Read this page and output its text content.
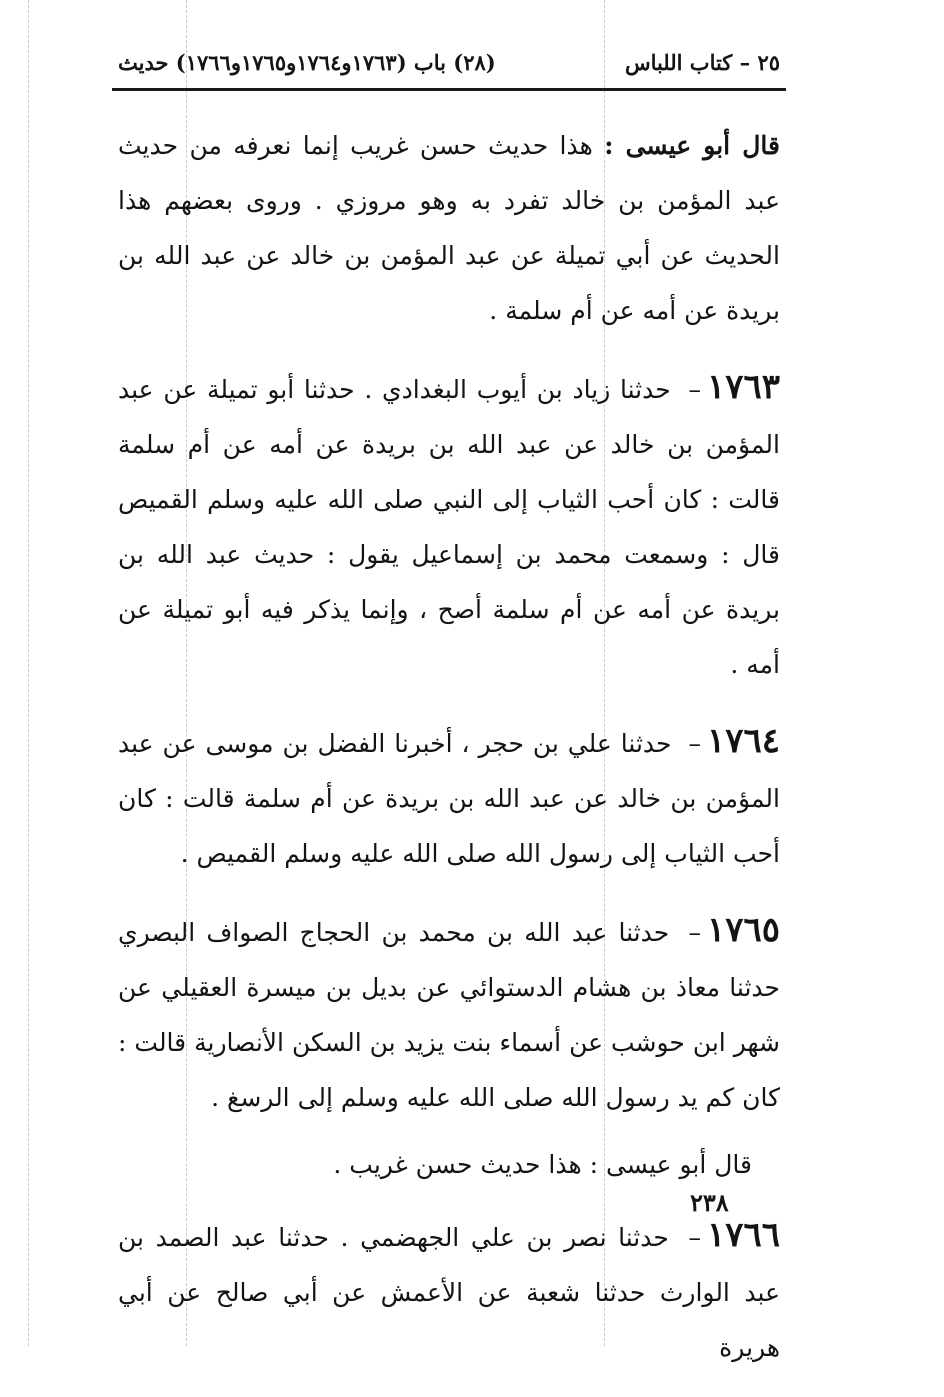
٢٥ – كتاب اللباس
(٢٨) باب (١٧٦٣و١٧٦٤و١٧٦٥و١٧٦٦) حديث

قال أبو عيسى : هذا حديث حسن غريب إنما نعرفه من حديث عبد المؤمن بن خالد تفرد به وهو مروزي . وروى بعضهم هذا الحديث عن أبي تميلة عن عبد المؤمن بن خالد عن عبد الله بن بريدة عن أمه عن أم سلمة .

١٧٦٣– حدثنا زياد بن أيوب البغدادي . حدثنا أبو تميلة عن عبد المؤمن بن خالد عن عبد الله بن بريدة عن أمه عن أم سلمة قالت : كان أحب الثياب إلى النبي صلى الله عليه وسلم القميص قال : وسمعت محمد بن إسماعيل يقول : حديث عبد الله بن بريدة عن أمه عن أم سلمة أصح ، وإنما يذكر فيه أبو تميلة عن أمه .

١٧٦٤– حدثنا علي بن حجر ، أخبرنا الفضل بن موسى عن عبد المؤمن بن خالد عن عبد الله بن بريدة عن أم سلمة قالت : كان أحب الثياب إلى رسول الله صلى الله عليه وسلم القميص .

١٧٦٥– حدثنا عبد الله بن محمد بن الحجاج الصواف البصري حدثنا معاذ بن هشام الدستوائي عن بديل بن ميسرة العقيلي عن شهر ابن حوشب عن أسماء بنت يزيد بن السكن الأنصارية قالت : كان كم يد رسول الله صلى الله عليه وسلم إلى الرسغ .

قال أبو عيسى : هذا حديث حسن غريب .

١٧٦٦– حدثنا نصر بن علي الجهضمي . حدثنا عبد الصمد بن عبد الوارث حدثنا شعبة عن الأعمش عن أبي صالح عن أبي هريرة

٢٣٨
